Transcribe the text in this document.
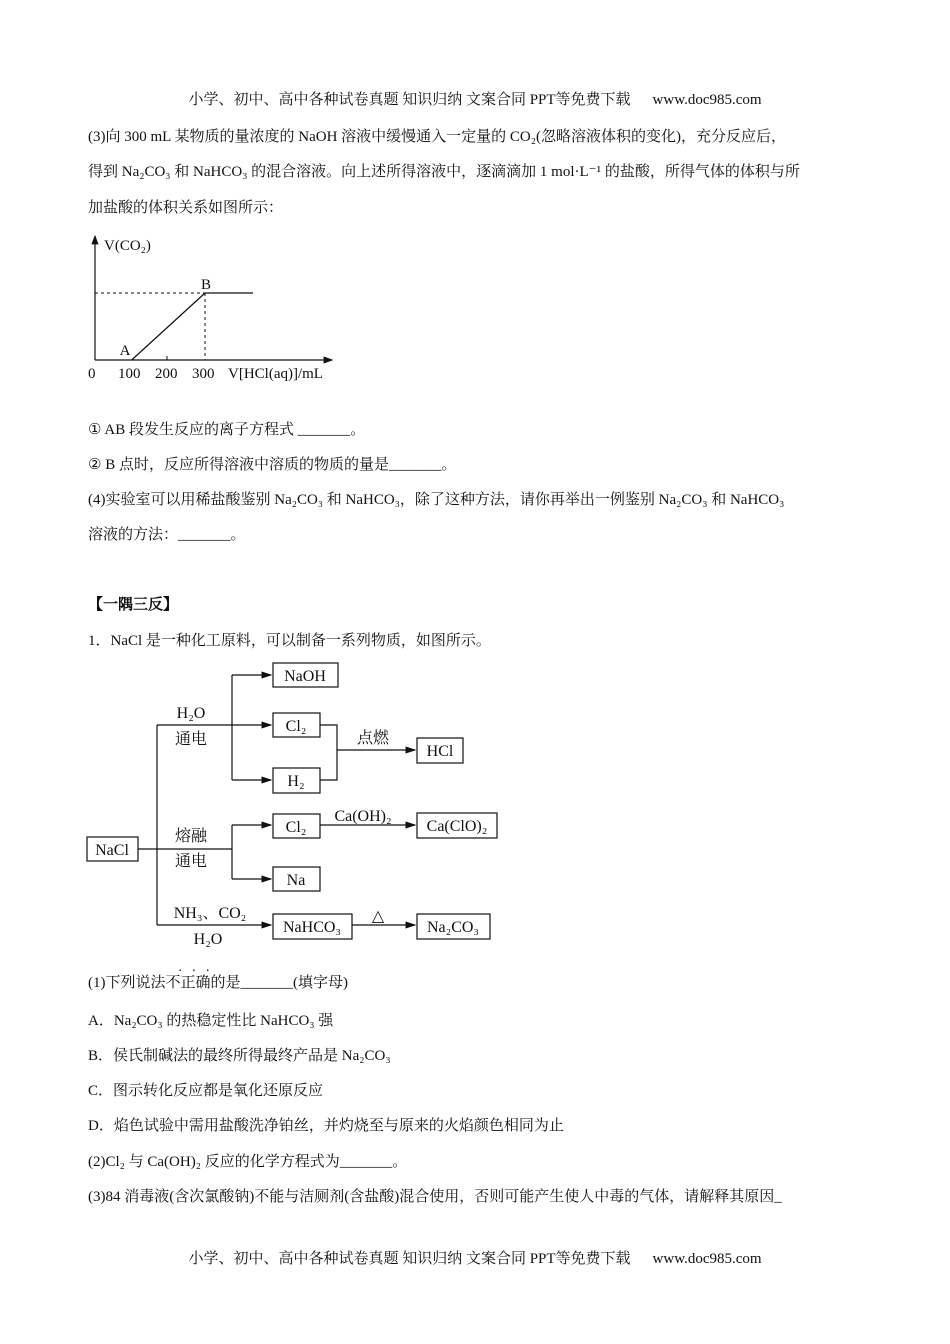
小学、初中、高中各种试卷真题 知识归纳 文案合同 PPT等免费下载 www.doc985.com
(3)向 300 mL 某物质的量浓度的 NaOH 溶液中缓慢通入一定量的 CO₂(忽略溶液体积的变化)，充分反应后，
得到 Na₂CO₃ 和 NaHCO₃ 的混合溶液。向上述所得溶液中，逐滴滴加 1 mol·L⁻¹ 的盐酸，所得气体的体积与所
加盐酸的体积关系如图所示：
V(CO₂)
A
B
0 100 200 300 V[HCl(aq)]/mL
① AB 段发生反应的离子方程式 _______。
② B 点时，反应所得溶液中溶质的物质的量是_______。
(4)实验室可以用稀盐酸鉴别 Na₂CO₃ 和 NaHCO₃，除了这种方法，请你再举出一例鉴别 Na₂CO₃ 和 NaHCO₃
溶液的方法：_______。
【一隅三反】
1．NaCl 是一种化工原料，可以制备一系列物质，如图所示。
NaCl
NaOH
Cl₂
H₂
HCl
Cl₂	Ca(ClO)₂
Na
NaHCO₃	Na₂CO₃
H₂O
通电	点燃
熔融
通电
Ca(OH)₂
NH₃、CO₂
H₂O
△
···
(1)下列说法不正确的是_______(填字母)
A．Na₂CO₃ 的热稳定性比 NaHCO₃ 强
B．侯氏制碱法的最终所得最终产品是 Na₂CO₃
C．图示转化反应都是氧化还原反应
D．焰色试验中需用盐酸洗净铂丝，并灼烧至与原来的火焰颜色相同为止
(2)Cl₂ 与 Ca(OH)₂ 反应的化学方程式为_______。
(3)84 消毒液(含次氯酸钠)不能与洁厕剂(含盐酸)混合使用，否则可能产生使人中毒的气体，请解释其原因_
小学、初中、高中各种试卷真题 知识归纳 文案合同 PPT等免费下载 www.doc985.com
